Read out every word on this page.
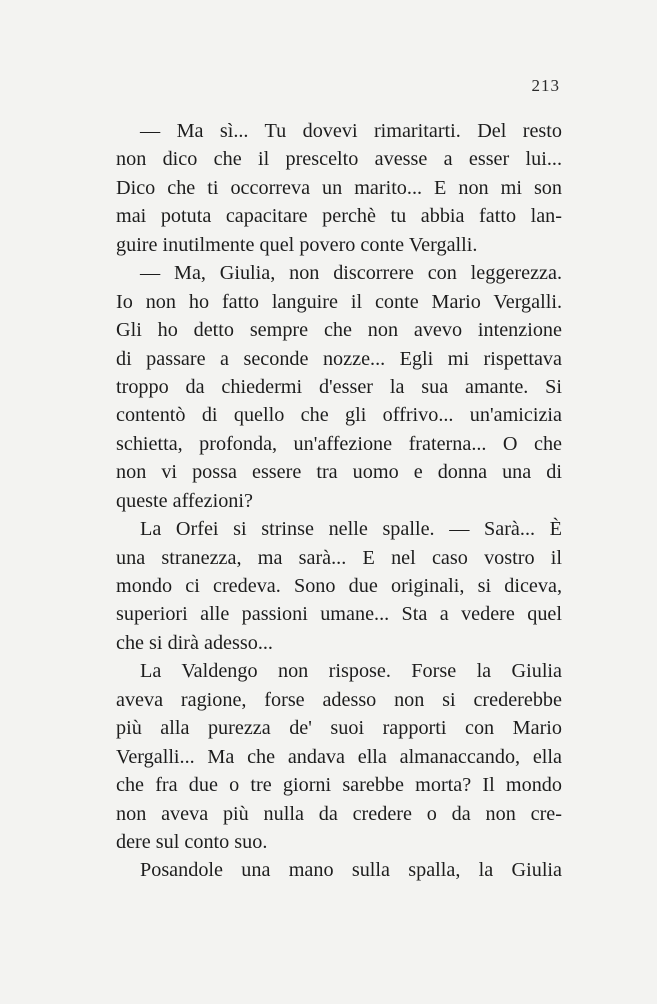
213
— Ma sì... Tu dovevi rimaritarti. Del resto
non dico che il prescelto avesse a esser lui...
Dico che ti occorreva un marito... E non mi son
mai potuta capacitare perchè tu abbia fatto lan-
guire inutilmente quel povero conte Vergalli.
— Ma, Giulia, non discorrere con leggerezza.
Io non ho fatto languire il conte Mario Vergalli.
Gli ho detto sempre che non avevo intenzione
di passare a seconde nozze... Egli mi rispettava
troppo da chiedermi d'esser la sua amante. Si
contentò di quello che gli offrivo... un'amicizia
schietta, profonda, un'affezione fraterna... O che
non vi possa essere tra uomo e donna una di
queste affezioni?
La Orfei si strinse nelle spalle. — Sarà... È
una stranezza, ma sarà... E nel caso vostro il
mondo ci credeva. Sono due originali, si diceva,
superiori alle passioni umane... Sta a vedere quel
che si dirà adesso...
La Valdengo non rispose. Forse la Giulia
aveva ragione, forse adesso non si crederebbe
più alla purezza de' suoi rapporti con Mario
Vergalli... Ma che andava ella almanaccando, ella
che fra due o tre giorni sarebbe morta? Il mondo
non aveva più nulla da credere o da non cre-
dere sul conto suo.
Posandole una mano sulla spalla, la Giulia
